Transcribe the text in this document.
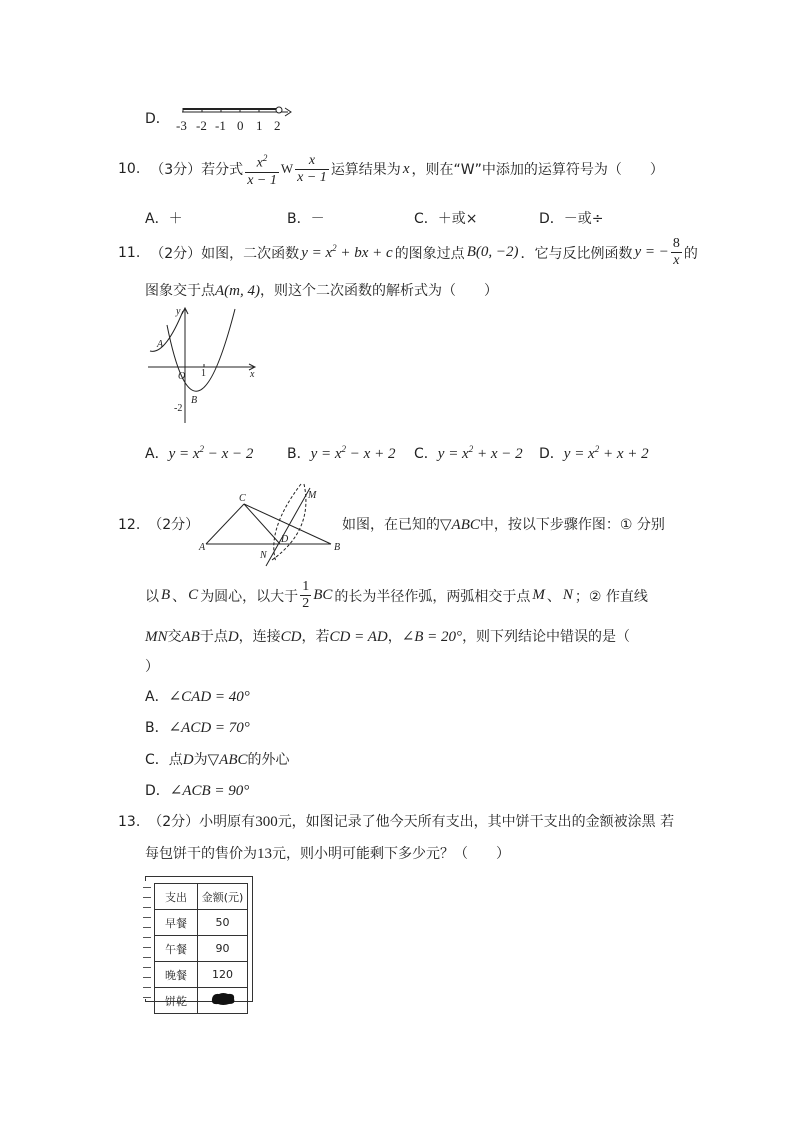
D． -3 -2 -1 0 1 2
10. （3分）若分式 $\frac{x^2}{x - 1}$ W $\frac{x}{x - 1}$ 运算结果为 x ，则在“W”中添加的运算符号为（　　）
A．＋	B．－	C．＋或×	D．－或÷
11. （2分）如图，二次函数 $y = x^2$ + bx + c 的图象过点 B(0, −2) ．它与反比例函数 y = − $\frac{8}{x}$ 的
图象交于点A(m, 4)，则这个二次函数的解析式为（　　）
y
x
O 1
-2
A
B
A．$y = x^2 - x - 2$ B．$y = x^2 - x + 2$ C．$y = x^2 + x - 2$ D．$y = x^2 + x + 2$
12. （2分）
A	B
C
D
M
N
如图，在已知的▽ABC中，按以下步骤作图：① 分别
以 B 、 C 为圆心，以大于 $\frac{1}{2}$ BC 的长为半径作弧，两弧相交于点 M 、 N ；② 作直线
MN交AB于点D，连接CD，若CD = AD，∠B = 20°，则下列结论中错误的是（
）
A．∠CAD = 40°
B．∠ACD = 70°
C．点D为▽ABC的外心
D．∠ACB = 90°
13. （2分）小明原有300元，如图记录了他今天所有支出，其中饼干支出的金额被涂黑 若
每包饼干的售价为13元，则小明可能剩下多少元？（　　）
支出	金额(元)
早餐	50
午餐	90
晚餐	120
饼乾	
